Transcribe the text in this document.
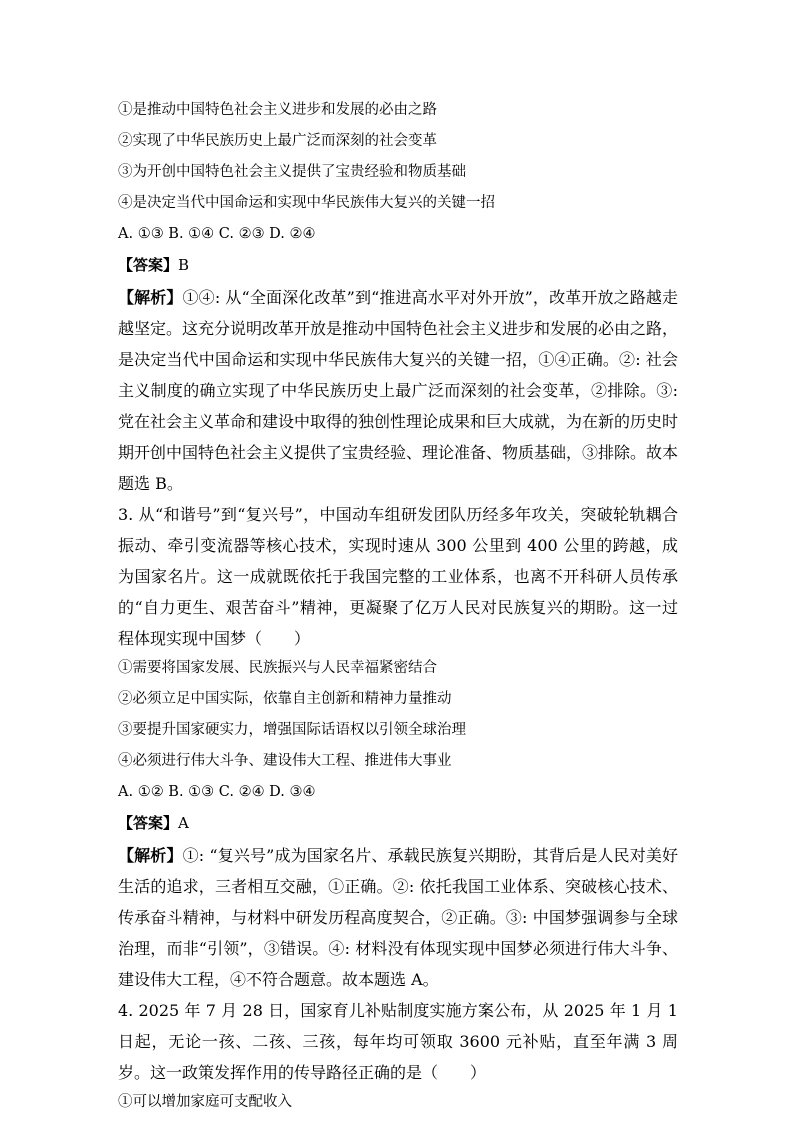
①是推动中国特色社会主义进步和发展的必由之路

②实现了中华民族历史上最广泛而深刻的社会变革

③为开创中国特色社会主义提供了宝贵经验和物质基础

④是决定当代中国命运和实现中华民族伟大复兴的关键一招

A. ①③ B. ①④ C. ②③ D. ②④

【答案】B

【解析】①④: 从“全面深化改革”到“推进高水平对外开放”，改革开放之路越走越坚定。这充分说明改革开放是推动中国特色社会主义进步和发展的必由之路，是决定当代中国命运和实现中华民族伟大复兴的关键一招，①④正确。②: 社会主义制度的确立实现了中华民族历史上最广泛而深刻的社会变革，②排除。③: 党在社会主义革命和建设中取得的独创性理论成果和巨大成就，为在新的历史时期开创中国特色社会主义提供了宝贵经验、理论准备、物质基础，③排除。故本题选 B。

3. 从“和谐号”到“复兴号”，中国动车组研发团队历经多年攻关，突破轮轨耦合振动、牵引变流器等核心技术，实现时速从 300 公里到 400 公里的跨越，成为国家名片。这一成就既依托于我国完整的工业体系，也离不开科研人员传承的“自力更生、艰苦奋斗”精神，更凝聚了亿万人民对民族复兴的期盼。这一过程体现实现中国梦（　　）

①需要将国家发展、民族振兴与人民幸福紧密结合

②必须立足中国实际，依靠自主创新和精神力量推动

③要提升国家硬实力，增强国际话语权以引领全球治理

④必须进行伟大斗争、建设伟大工程、推进伟大事业

A. ①② B. ①③ C. ②④ D. ③④

【答案】A

【解析】①: “复兴号”成为国家名片、承载民族复兴期盼，其背后是人民对美好生活的追求，三者相互交融，①正确。②: 依托我国工业体系、突破核心技术、传承奋斗精神，与材料中研发历程高度契合，②正确。③: 中国梦强调参与全球治理，而非“引领”，③错误。④: 材料没有体现实现中国梦必须进行伟大斗争、建设伟大工程，④不符合题意。故本题选 A。

4. 2025 年 7 月 28 日，国家育儿补贴制度实施方案公布，从 2025 年 1 月 1 日起，无论一孩、二孩、三孩，每年均可领取 3600 元补贴，直至年满 3 周岁。这一政策发挥作用的传导路径正确的是（　　）

①可以增加家庭可支配收入
